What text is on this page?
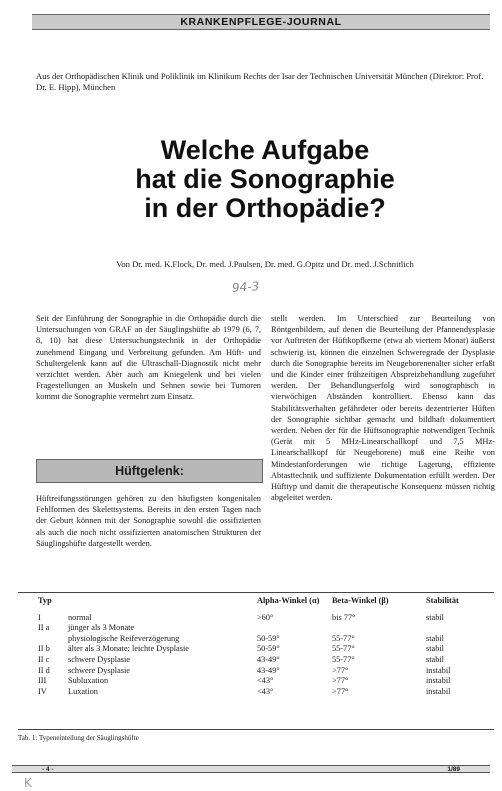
KRANKENPFLEGE-JOURNAL
Aus der Orthopädischen Klinik und Poliklinik im Klinikum Rechts der Isar der Technischen Universität München (Direktor: Prof. Dr. E. Hipp), München
Welche Aufgabe
hat die Sonographie
in der Orthopädie?
Von Dr. med. K.Flock, Dr. med. J.Paulsen, Dr. med. G.Opitz und Dr. med. J.Schnitlich
94-3

Seit der Einführung der Sonographie in die Orthopädie durch die Untersuchungen von GRAF an der Säuglingshüfte ab 1979 (6, 7, 8, 10) hat diese Untersuchungstechnik in der Orthopädie zunehmend Eingang und Verbreitung gefunden. Am Hüft- und Schultergelenk kann auf die Ultraschall-Diagnostik nicht mehr verzichtet werden. Aber auch am Kniegelenk und bei vielen Fragestellungen an Muskeln und Sehnen sowie bei Tumoren kommt die Sonographie vermehrt zum Einsatz.

Hüftgelenk:

Hüftreifungsstörungen gehören zu den häufigsten kongenitalen Fehlformen des Skelettsystems. Bereits in den ersten Tagen nach der Geburt können mit der Sonographie sowohl die ossifizierten als auch die noch nicht ossifizierten anatomischen Strukturen der Säuglingshüfte dargestellt werden.

stellt werden. Im Unterschied zur Beurteilung von Röntgenbildern, auf denen die Beurteilung der Pfannendysplasie vor Auftreten der Hüftkopfkerne (etwa ab viertem Monat) äußerst schwierig ist, können die einzelnen Schweregrade der Dysplasie durch die Sonographie bereits im Neugeborenenalter sicher erfaßt und die Kinder einer frühzeitigen Abspreizbehandlung zugeführt werden. Der Behandlungserfolg wird sonographisch in vierwöchigen Abständen kontrolliert. Ebenso kann das Stabilitätsverhalten gefährdeter oder bereits dezentrierter Hüften der Sonographie sichtbar gemacht und bildhaft dokumentiert werden. Neben der für die Hüftsonographie notwendigen Technik (Gerät mit 5 MHz-Linearschallkopf und 7,5 MHz-Linearschallkopf für Neugeborene) muß eine Reihe von Mindestanforderungen wie richtige Lagerung, effiziente Abtasttechnik und suffiziente Dokumentation erfüllt werden. Der Hüfttyp und damit die therapeutische Konsequenz müssen richtig abgeleitet werden.

Typ		Alpha-Winkel (α)	Beta-Winkel (β)	Stabilität
I	normal	>60°	bis 77°	stabil
II a	jünger als 3 Monate			
	physiologische Reifeverzögerung	50-59°	55-77°	stabil
II b	älter als 3 Monate: leichte Dysplasie	50-59°	55-77°	stabil
II c	schwere Dysplasie	43-49°	55-77°	stabil
II d	schwere Dysplasie	43-49°	>77°	instabil
III	Subluxation	<43°	>77°	instabil
IV	Luxation	<43°	>77°	instabil
Tab. 1: Typeneinteilung der Säuglingshüfte
- 4 -	1/89
K
